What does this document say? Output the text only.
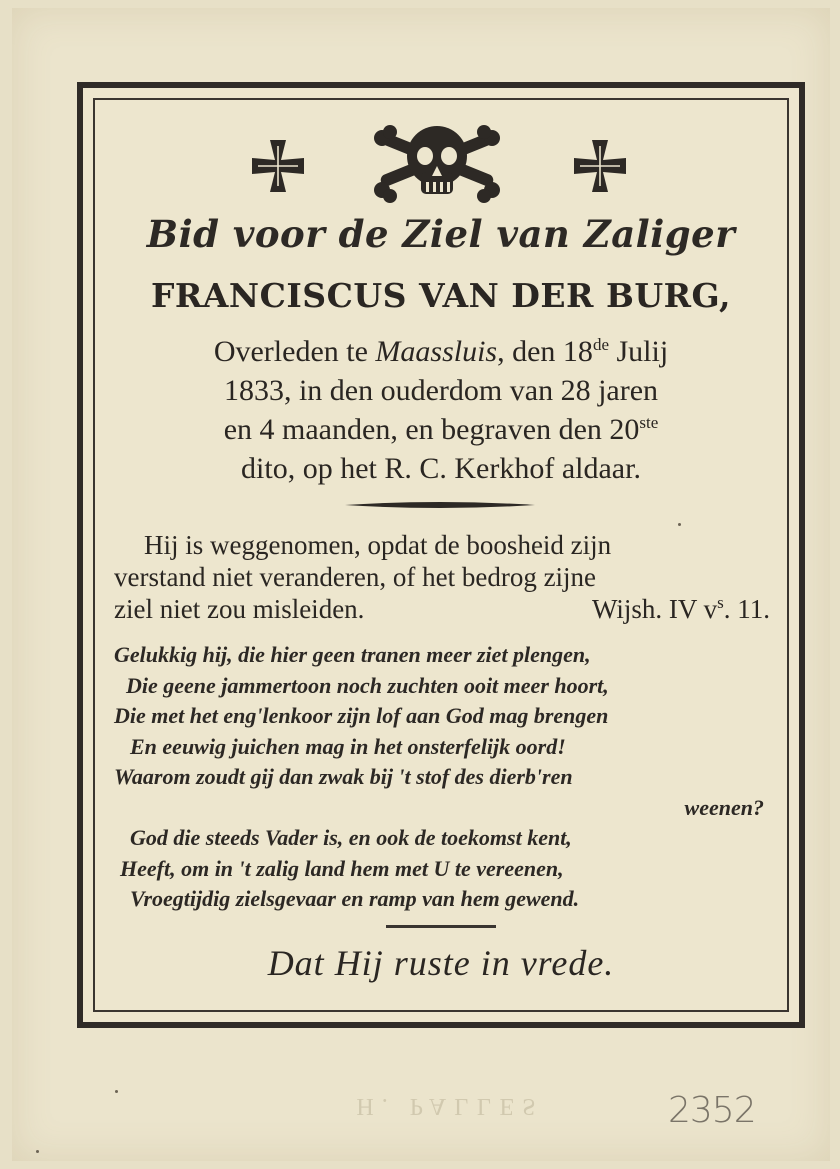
Bid voor de Ziel van Zaliger
FRANCISCUS VAN DER BURG,
Overleden te Maassluis, den 18de Julij
1833, in den ouderdom van 28 jaren
en 4 maanden, en begraven den 20ste
dito, op het R. C. Kerkhof aldaar.
Hij is weggenomen, opdat de boosheid zijn
verstand niet veranderen, of het bedrog zijne
ziel niet zou misleiden.	Wijsh. IV $v^s$. 11.
Gelukkig hij, die hier geen tranen meer ziet plengen,
Die geene jammertoon noch zuchten ooit meer hoort,
Die met het eng'lenkoor zijn lof aan God mag brengen
En eeuwig juichen mag in het onsterfelijk oord!
Waarom zoudt gij dan zwak bij 't stof des dierb'ren
weenen?
God die steeds Vader is, en ook de toekomst kent,
Heeft, om in 't zalig land hem met U te vereenen,
Vroegtijdig zielsgevaar en ramp van hem gewend.
Dat Hij ruste in vrede.
H. PALLES	2352
